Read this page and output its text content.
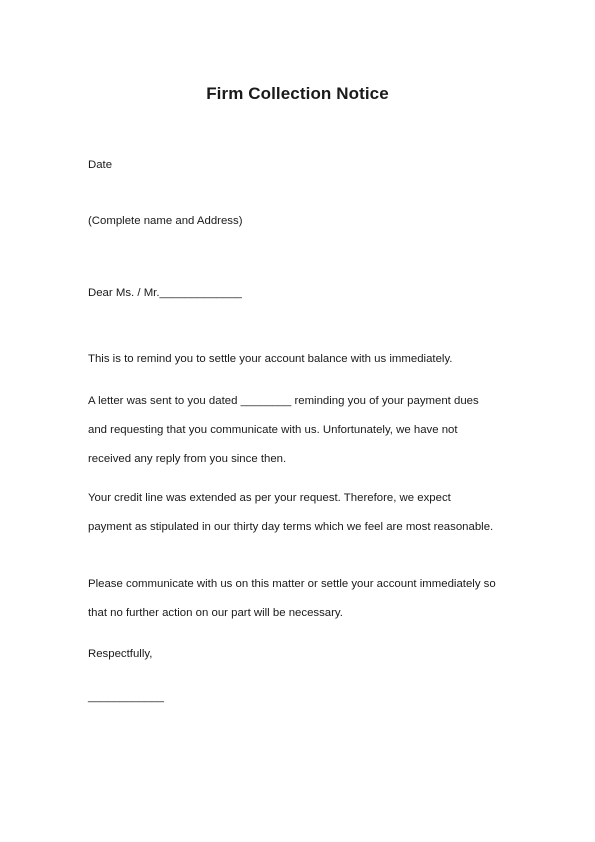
Firm Collection Notice
Date
(Complete name and Address)
Dear Ms. / Mr._____________
This is to remind you to settle your account balance with us immediately.
A letter was sent to you dated ________ reminding you of your payment dues
and requesting that you communicate with us. Unfortunately, we have not
received any reply from you since then.
Your credit line was extended as per your request. Therefore, we expect
payment as stipulated in our thirty day terms which we feel are most reasonable.
Please communicate with us on this matter or settle your account immediately so
that no further action on our part will be necessary.
Respectfully,
____________
